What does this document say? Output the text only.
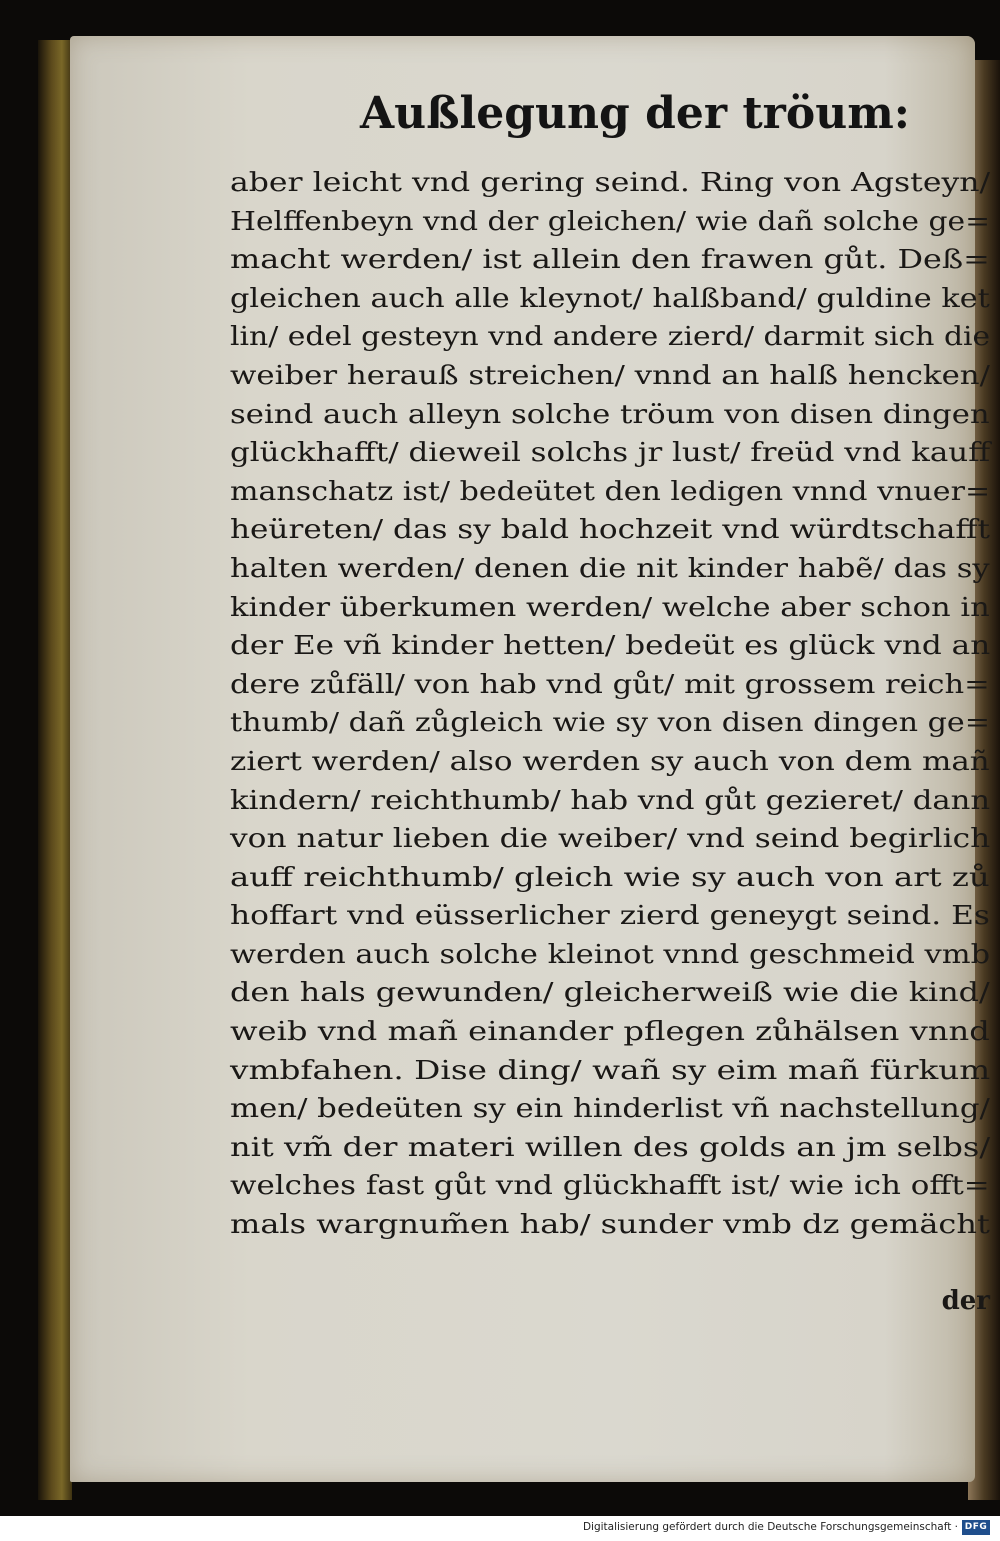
Außlegung der tröum:
aber leicht vnd gering seind. Ring von Agsteyn/
Helffenbeyn vnd der gleichen/ wie dañ solche ge=
macht werden/ ist allein den frawen gůt. Deß=
gleichen auch alle kleynot/ halßband/ guldine ket
lin/ edel gesteyn vnd andere zierd/ darmit sich die
weiber herauß streichen/ vnnd an halß hencken/
seind auch alleyn solche tröum von disen dingen
glückhafft/ dieweil solchs jr lust/ freüd vnd kauff
manschatz ist/ bedeütet den ledigen vnnd vnuer=
heüreten/ das sy bald hochzeit vnd würdtschafft
halten werden/ denen die nit kinder habẽ/ das sy
kinder überkumen werden/ welche aber schon in
der Ee vñ kinder hetten/ bedeüt es glück vnd an
dere zůfäll/ von hab vnd gůt/ mit grossem reich=
thumb/ dañ zůgleich wie sy von disen dingen ge=
ziert werden/ also werden sy auch von dem mañ
kindern/ reichthumb/ hab vnd gůt gezieret/ dann
von natur lieben die weiber/ vnd seind begirlich
auff reichthumb/ gleich wie sy auch von art zů
hoffart vnd eüsserlicher zierd geneygt seind. Es
werden auch solche kleinot vnnd geschmeid vmb
den hals gewunden/ gleicherweiß wie die kind/
weib vnd mañ einander pflegen zůhälsen vnnd
vmbfahen. Dise ding/ wañ sy eim mañ fürkum
men/ bedeüten sy ein hinderlist vñ nachstellung/
nit vm̃ der materi willen des golds an jm selbs/
welches fast gůt vnd glückhafft ist/ wie ich offt=
mals wargnum̃en hab/ sunder vmb dz gemächt
der
Digitalisierung gefördert durch die Deutsche Forschungsgemeinschaft · DFG
